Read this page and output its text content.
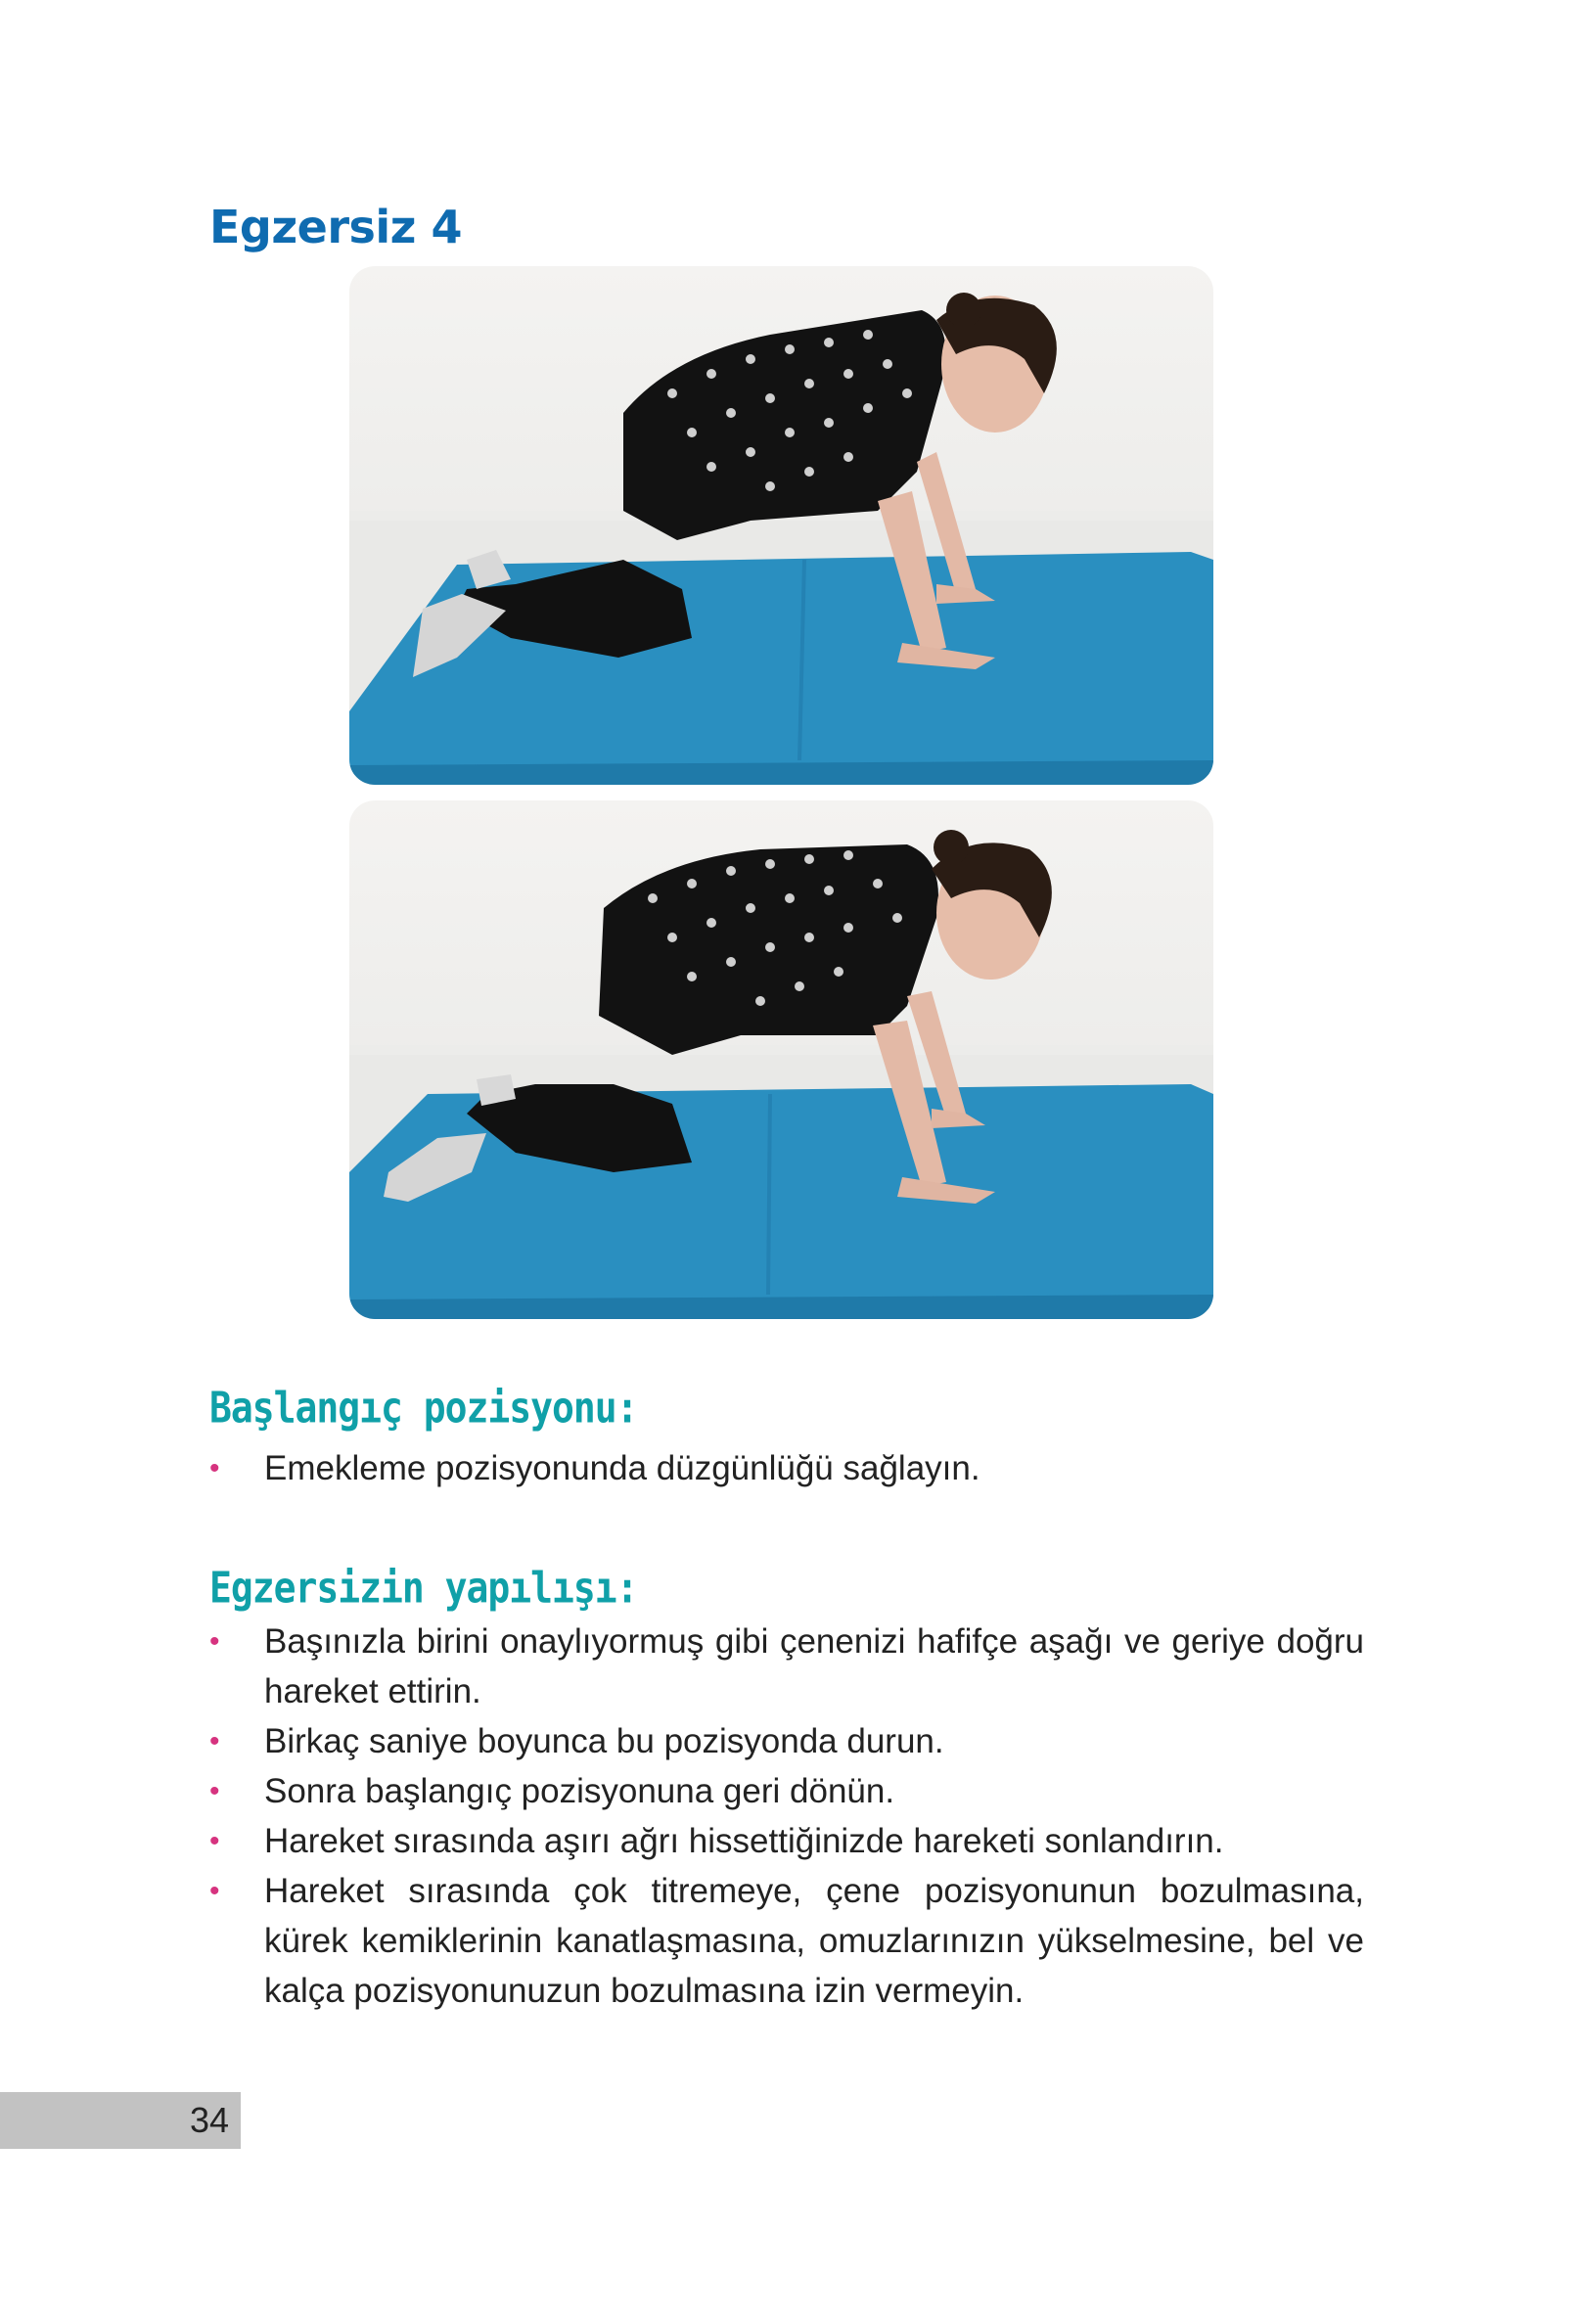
Egzersiz 4
Başlangıç pozisyonu:
• Emekleme pozisyonunda düzgünlüğü sağlayın.
Egzersizin yapılışı:
• Başınızla birini onaylıyormuş gibi çenenizi hafifçe aşağı ve geriye doğru hareket ettirin.
• Birkaç saniye boyunca bu pozisyonda durun.
• Sonra başlangıç pozisyonuna geri dönün.
• Hareket sırasında aşırı ağrı hissettiğinizde hareketi sonlandırın.
• Hareket sırasında çok titremeye, çene pozisyonunun bozulmasına, kürek kemiklerinin kanatlaşmasına, omuzlarınızın yükselmesine, bel ve kalça pozisyonunuzun bozulmasına izin vermeyin.
34
